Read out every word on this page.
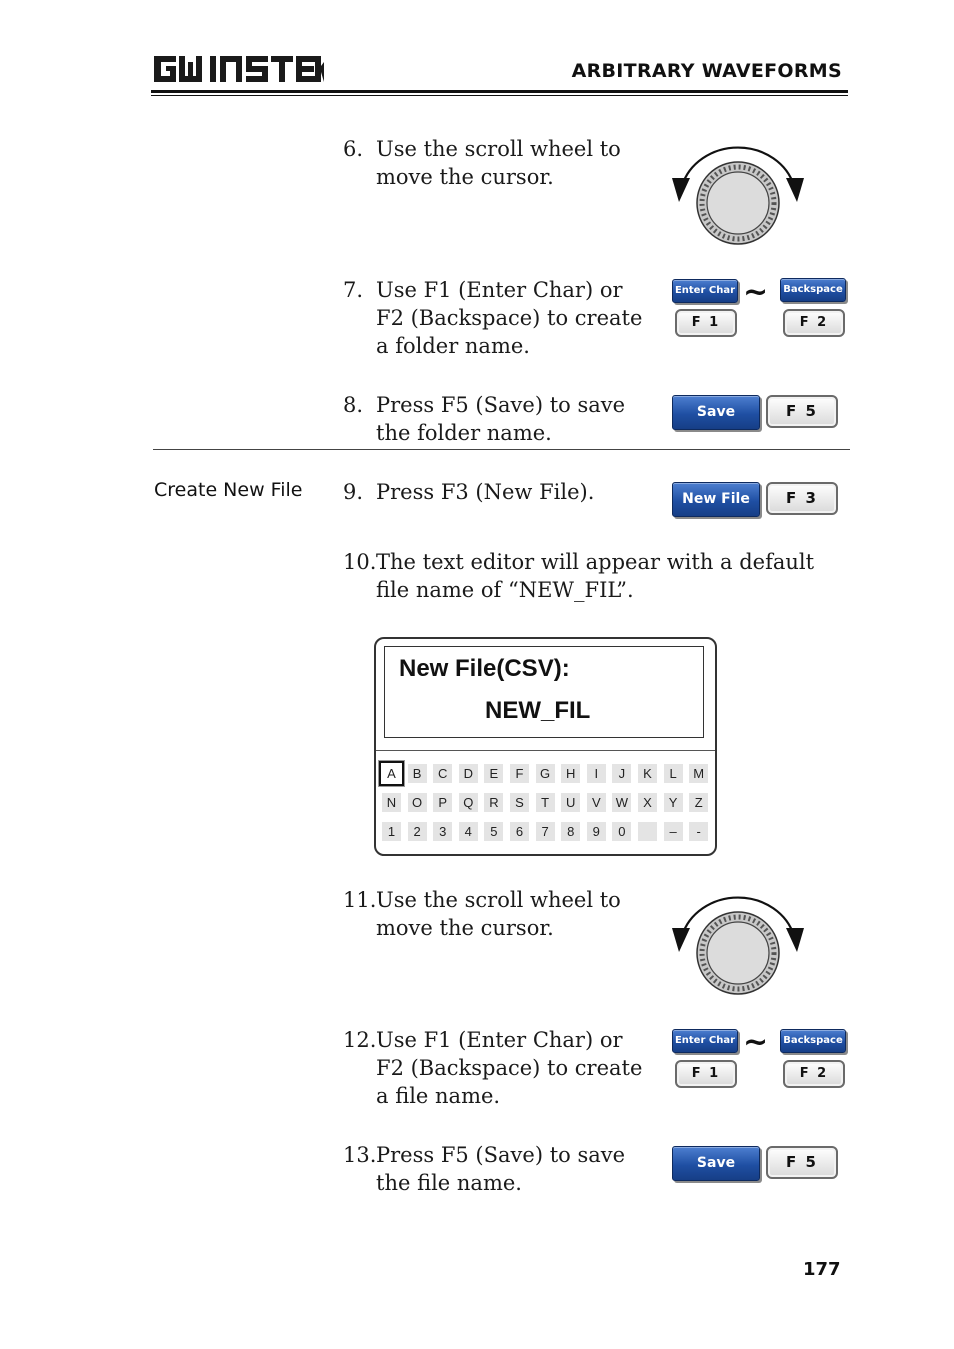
ARBITRARY WAVEFORMS
6. Use the scroll wheel to move the cursor.
7. Use F1 (Enter Char) or F2 (Backspace) to create a folder name.
Enter Char
F 1
~	Backspace
F 2
8. Press F5 (Save) to save the folder name.
Save	F 5
Create New File 9. Press F3 (New File).	New File	F 3
10. The text editor will appear with a default file name of “NEW_FIL”.
New File(CSV):
NEW_FIL
A	B	C	D	E	F	G	H	I	J	K	L	M
N	O	P	Q	R	S	T	U	V	W	X	Y	Z
1	2	3	4	5	6	7	8	9	0	–	-
11. Use the scroll wheel to move the cursor.
12. Use F1 (Enter Char) or F2 (Backspace) to create a file name.
Enter Char
F 1
~	Backspace
F 2
13. Press F5 (Save) to save the file name.
Save	F 5
177
